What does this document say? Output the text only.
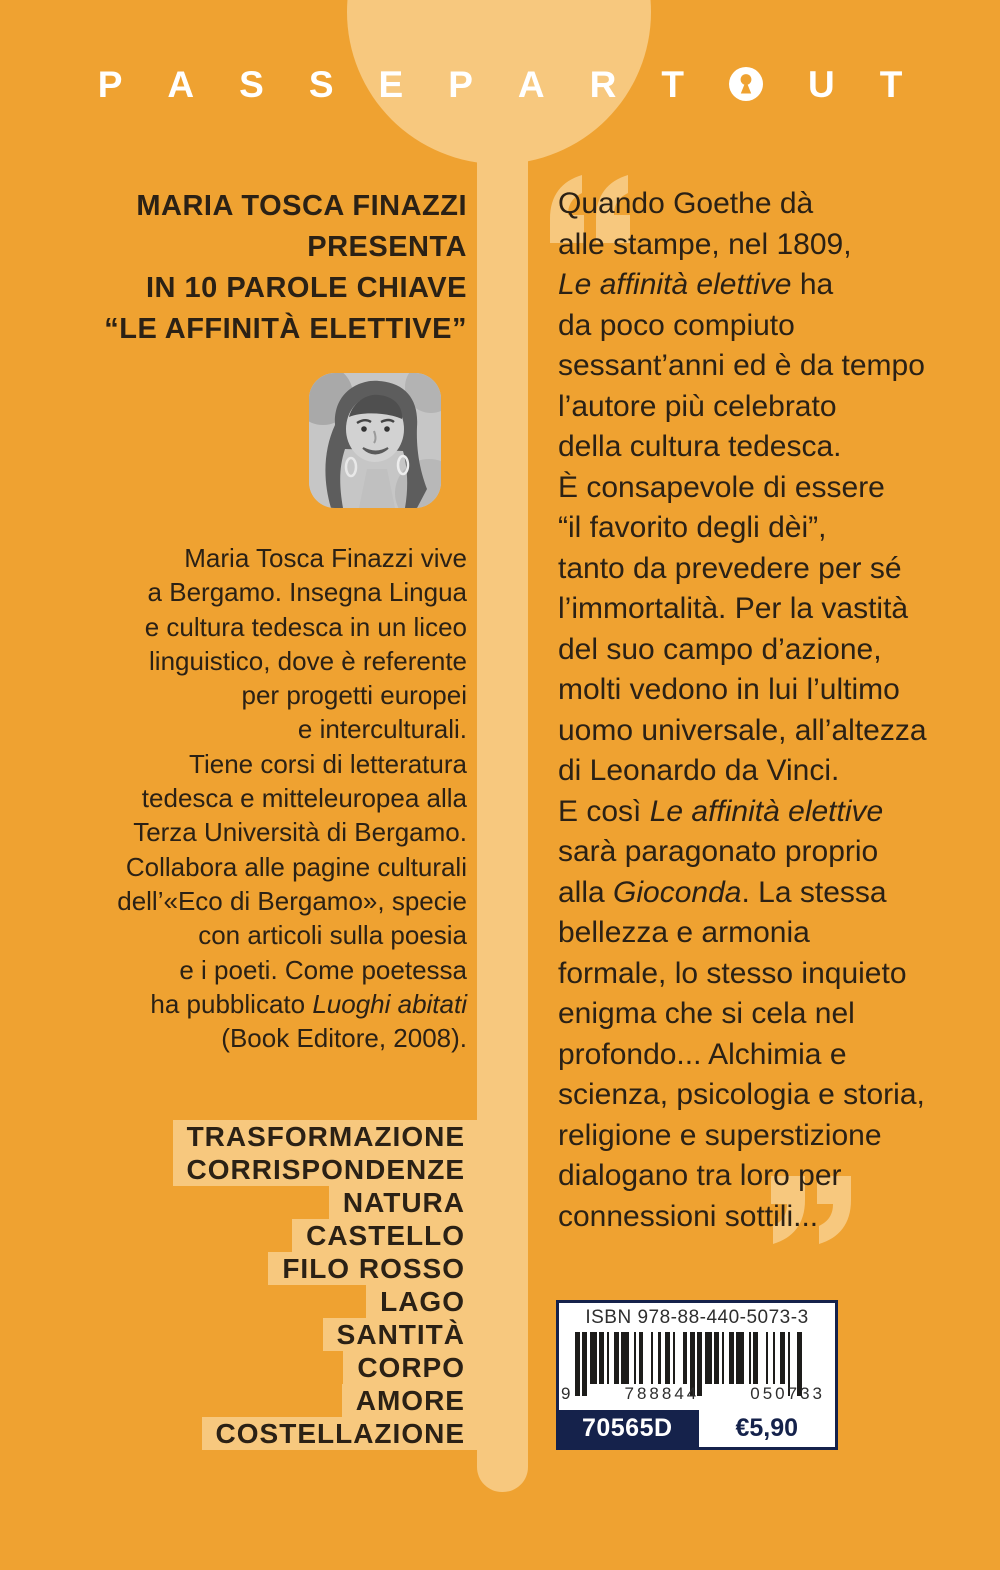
P A S S E P A R T	U T
MARIA TOSCA FINAZZI
PRESENTA
IN 10 PAROLE CHIAVE
“LE AFFINITÀ ELETTIVE”
Maria Tosca Finazzi vive
a Bergamo. Insegna Lingua
e cultura tedesca in un liceo
linguistico, dove è referente
per progetti europei
e interculturali.
Tiene corsi di letteratura
tedesca e mitteleuropea alla
Terza Università di Bergamo.
Collabora alle pagine culturali
dell’«Eco di Bergamo», specie
con articoli sulla poesia
e i poeti. Come poetessa
ha pubblicato Luoghi abitati
(Book Editore, 2008).
TRASFORMAZIONE
CORRISPONDENZE
NATURA
CASTELLO
FILO ROSSO
LAGO
SANTITÀ
CORPO
AMORE
COSTELLAZIONE
Quando Goethe dà
alle stampe, nel 1809,
Le affinità elettive ha
da poco compiuto
sessant’anni ed è da tempo
l’autore più celebrato
della cultura tedesca.
È consapevole di essere
“il favorito degli dèi”,
tanto da prevedere per sé
l’immortalità. Per la vastità
del suo campo d’azione,
molti vedono in lui l’ultimo
uomo universale, all’altezza
di Leonardo da Vinci.
E così Le affinità elettive
sarà paragonato proprio
alla Gioconda. La stessa
bellezza e armonia
formale, lo stesso inquieto
enigma che si cela nel
profondo... Alchimia e
scienza, psicologia e storia,
religione e superstizione
dialogano tra loro per
connessioni sottili...
ISBN 978-88-440-5073-3
9	788844	050733
70565D	€5,90
